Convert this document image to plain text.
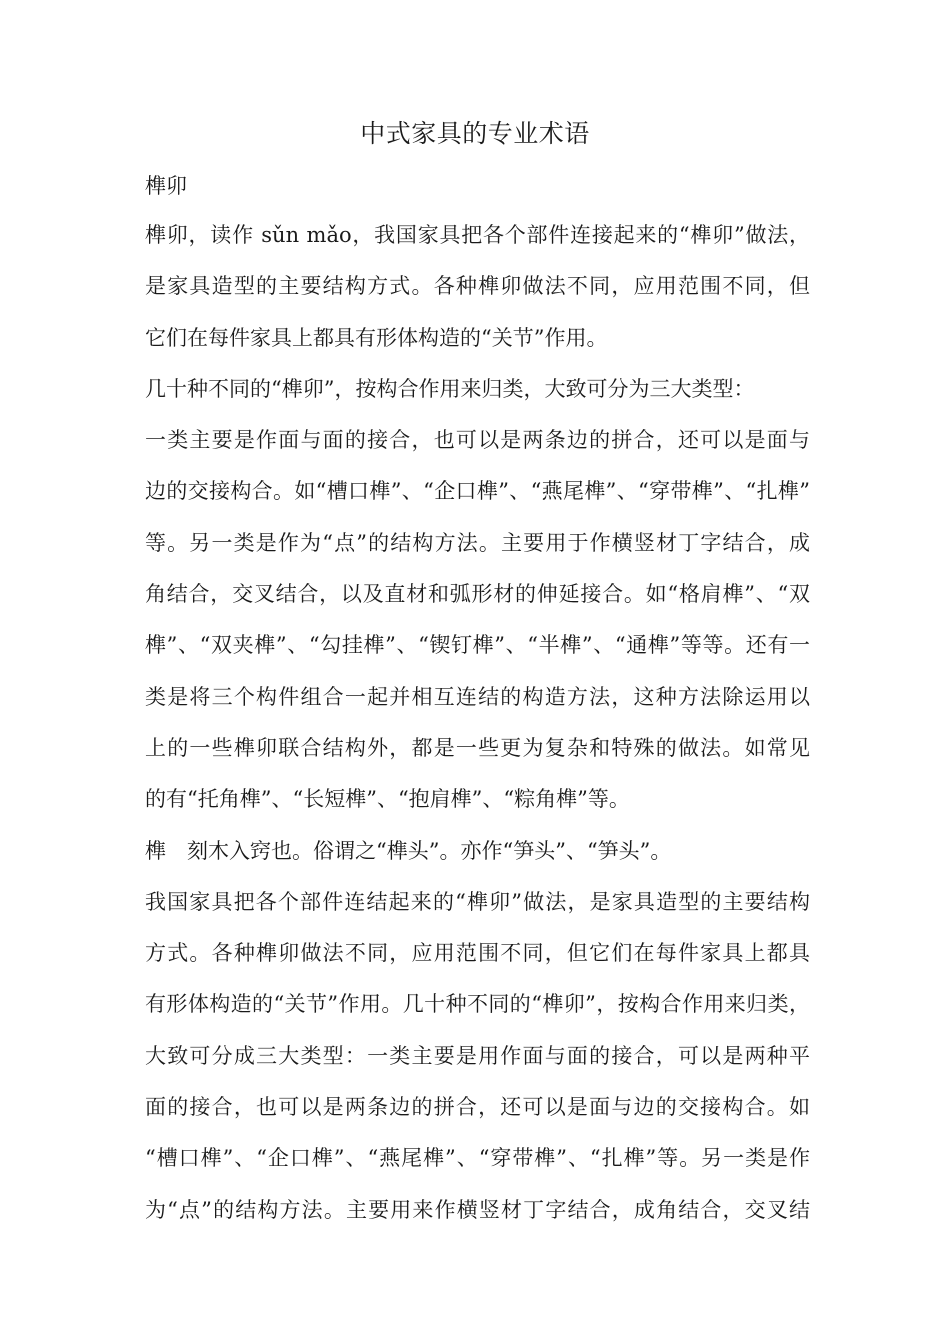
中式家具的专业术语
榫卯
榫卯，读作 sǔn mǎo，我国家具把各个部件连接起来的“榫卯”做法，
是家具造型的主要结构方式。各种榫卯做法不同，应用范围不同，但
它们在每件家具上都具有形体构造的“关节”作用。
几十种不同的“榫卯”，按构合作用来归类，大致可分为三大类型：
一类主要是作面与面的接合，也可以是两条边的拼合，还可以是面与
边的交接构合。如“槽口榫”、“企口榫”、“燕尾榫”、“穿带榫”、“扎榫”
等。另一类是作为“点”的结构方法。主要用于作横竖材丁字结合，成
角结合，交叉结合，以及直材和弧形材的伸延接合。如“格肩榫”、“双
榫”、“双夹榫”、“勾挂榫”、“锲钉榫”、“半榫”、“通榫”等等。还有一
类是将三个构件组合一起并相互连结的构造方法，这种方法除运用以
上的一些榫卯联合结构外，都是一些更为复杂和特殊的做法。如常见
的有“托角榫”、“长短榫”、“抱肩榫”、“粽角榫”等。
榫　刻木入窍也。俗谓之“榫头”。亦作“笋头”、“笋头”。
我国家具把各个部件连结起来的“榫卯”做法，是家具造型的主要结构
方式。各种榫卯做法不同，应用范围不同，但它们在每件家具上都具
有形体构造的“关节”作用。几十种不同的“榫卯”，按构合作用来归类，
大致可分成三大类型：一类主要是用作面与面的接合，可以是两种平
面的接合，也可以是两条边的拼合，还可以是面与边的交接构合。如
“槽口榫”、“企口榫”、“燕尾榫”、“穿带榫”、“扎榫”等。另一类是作
为“点”的结构方法。主要用来作横竖材丁字结合，成角结合，交叉结
